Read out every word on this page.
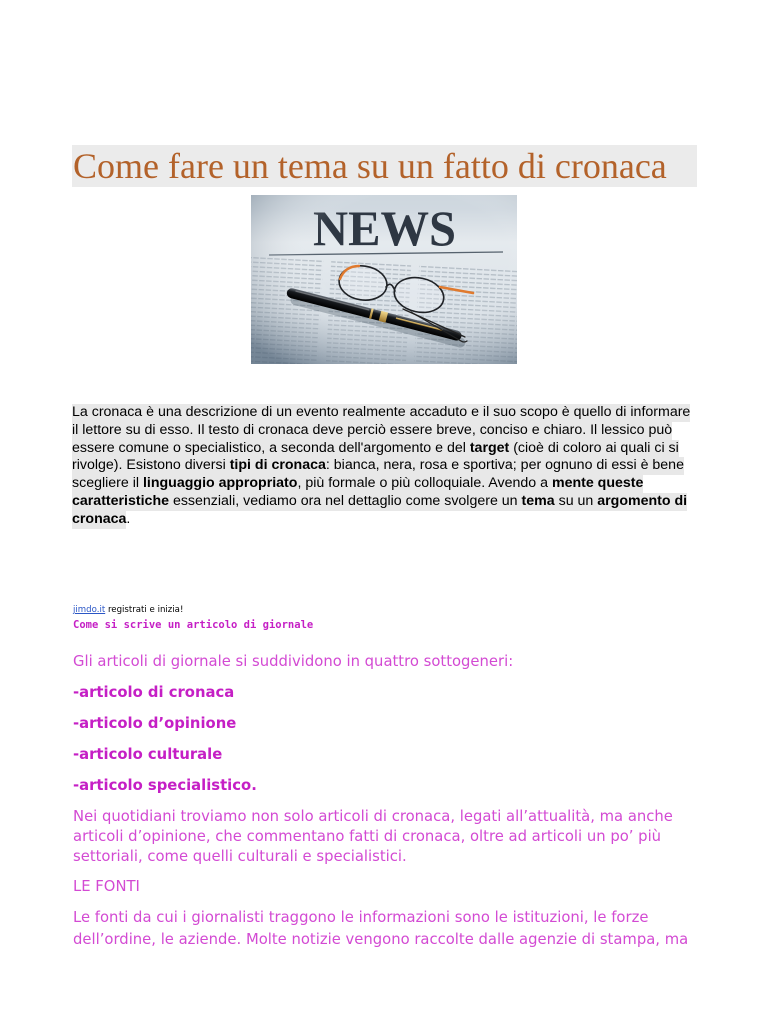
Come fare un tema su un fatto di cronaca
La cronaca è una descrizione di un evento realmente accaduto e il suo scopo è quello di informare
il lettore su di esso. Il testo di cronaca deve perciò essere breve, conciso e chiaro. Il lessico può
essere comune o specialistico, a seconda dell'argomento e del target (cioè di coloro ai quali ci si
rivolge). Esistono diversi tipi di cronaca: bianca, nera, rosa e sportiva; per ognuno di essi è bene
scegliere il linguaggio appropriato, più formale o più colloquiale. Avendo a mente queste
caratteristiche essenziali, vediamo ora nel dettaglio come svolgere un tema su un argomento di
cronaca.
jimdo.it registrati e inizia!
Come si scrive un articolo di giornale
Gli articoli di giornale si suddividono in quattro sottogeneri:
-articolo di cronaca
-articolo d’opinione
-articolo culturale
-articolo specialistico.
Nei quotidiani troviamo non solo articoli di cronaca, legati all’attualità, ma anche
articoli d’opinione, che commentano fatti di cronaca, oltre ad articoli un po’ più
settoriali, come quelli culturali e specialistici.
LE FONTI
Le fonti da cui i giornalisti traggono le informazioni sono le istituzioni, le forze
dell’ordine, le aziende. Molte notizie vengono raccolte dalle agenzie di stampa, ma
